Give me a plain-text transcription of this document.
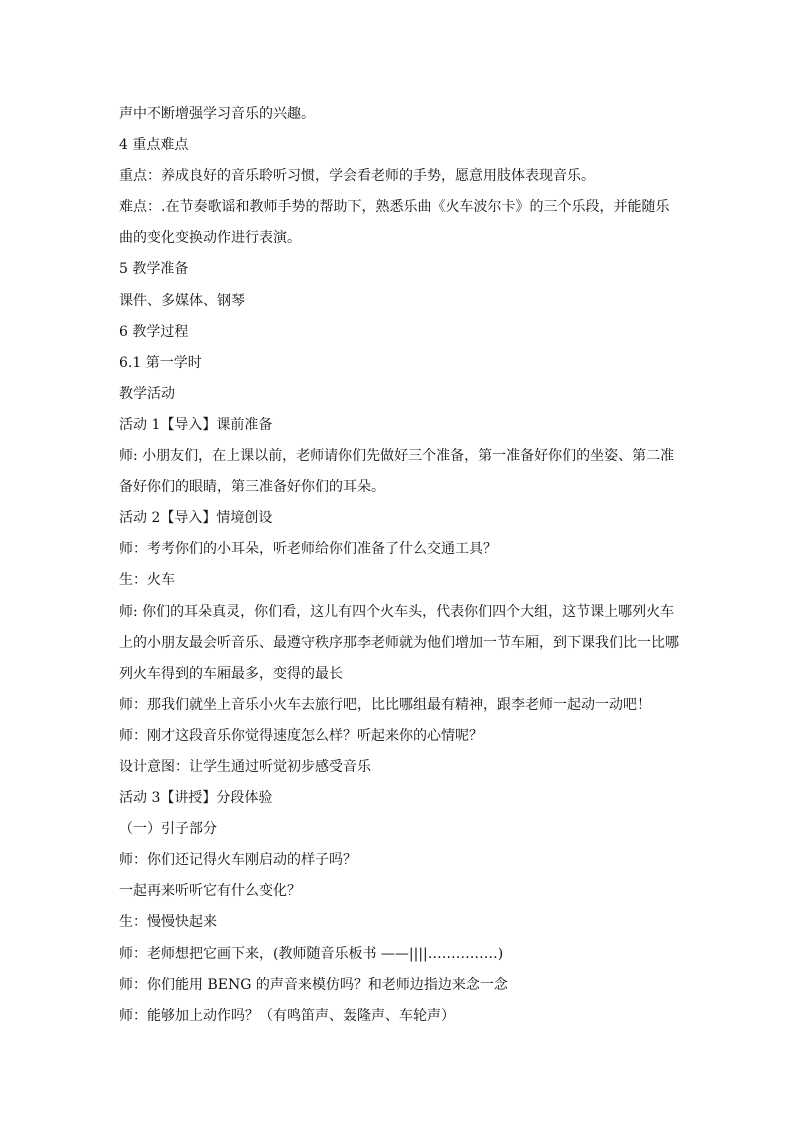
声中不断增强学习音乐的兴趣。
4 重点难点
重点：养成良好的音乐聆听习惯，学会看老师的手势，愿意用肢体表现音乐。
难点：.在节奏歌谣和教师手势的帮助下，熟悉乐曲《火车波尔卡》的三个乐段，并能随乐
曲的变化变换动作进行表演。
5 教学准备
课件、多媒体、钢琴
6 教学过程
6.1 第一学时
教学活动
活动 1【导入】课前准备
师: 小朋友们，在上课以前，老师请你们先做好三个准备，第一准备好你们的坐姿、第二准
备好你们的眼睛，第三准备好你们的耳朵。
活动 2【导入】情境创设
师：考考你们的小耳朵，听老师给你们准备了什么交通工具？
生：火车
师: 你们的耳朵真灵，你们看，这儿有四个火车头，代表你们四个大组，这节课上哪列火车
上的小朋友最会听音乐、最遵守秩序那李老师就为他们增加一节车厢，到下课我们比一比哪
列火车得到的车厢最多，变得的最长
师：那我们就坐上音乐小火车去旅行吧，比比哪组最有精神，跟李老师一起动一动吧！
师：刚才这段音乐你觉得速度怎么样？听起来你的心情呢？
设计意图：让学生通过听觉初步感受音乐
活动 3【讲授】分段体验
（一）引子部分
师：你们还记得火车刚启动的样子吗？
一起再来听听它有什么变化？
生：慢慢快起来
师：老师想把它画下来，(教师随音乐板书 ——||||……………)
师：你们能用 BENG 的声音来模仿吗？和老师边指边来念一念
师：能够加上动作吗？（有鸣笛声、轰隆声、车轮声）
